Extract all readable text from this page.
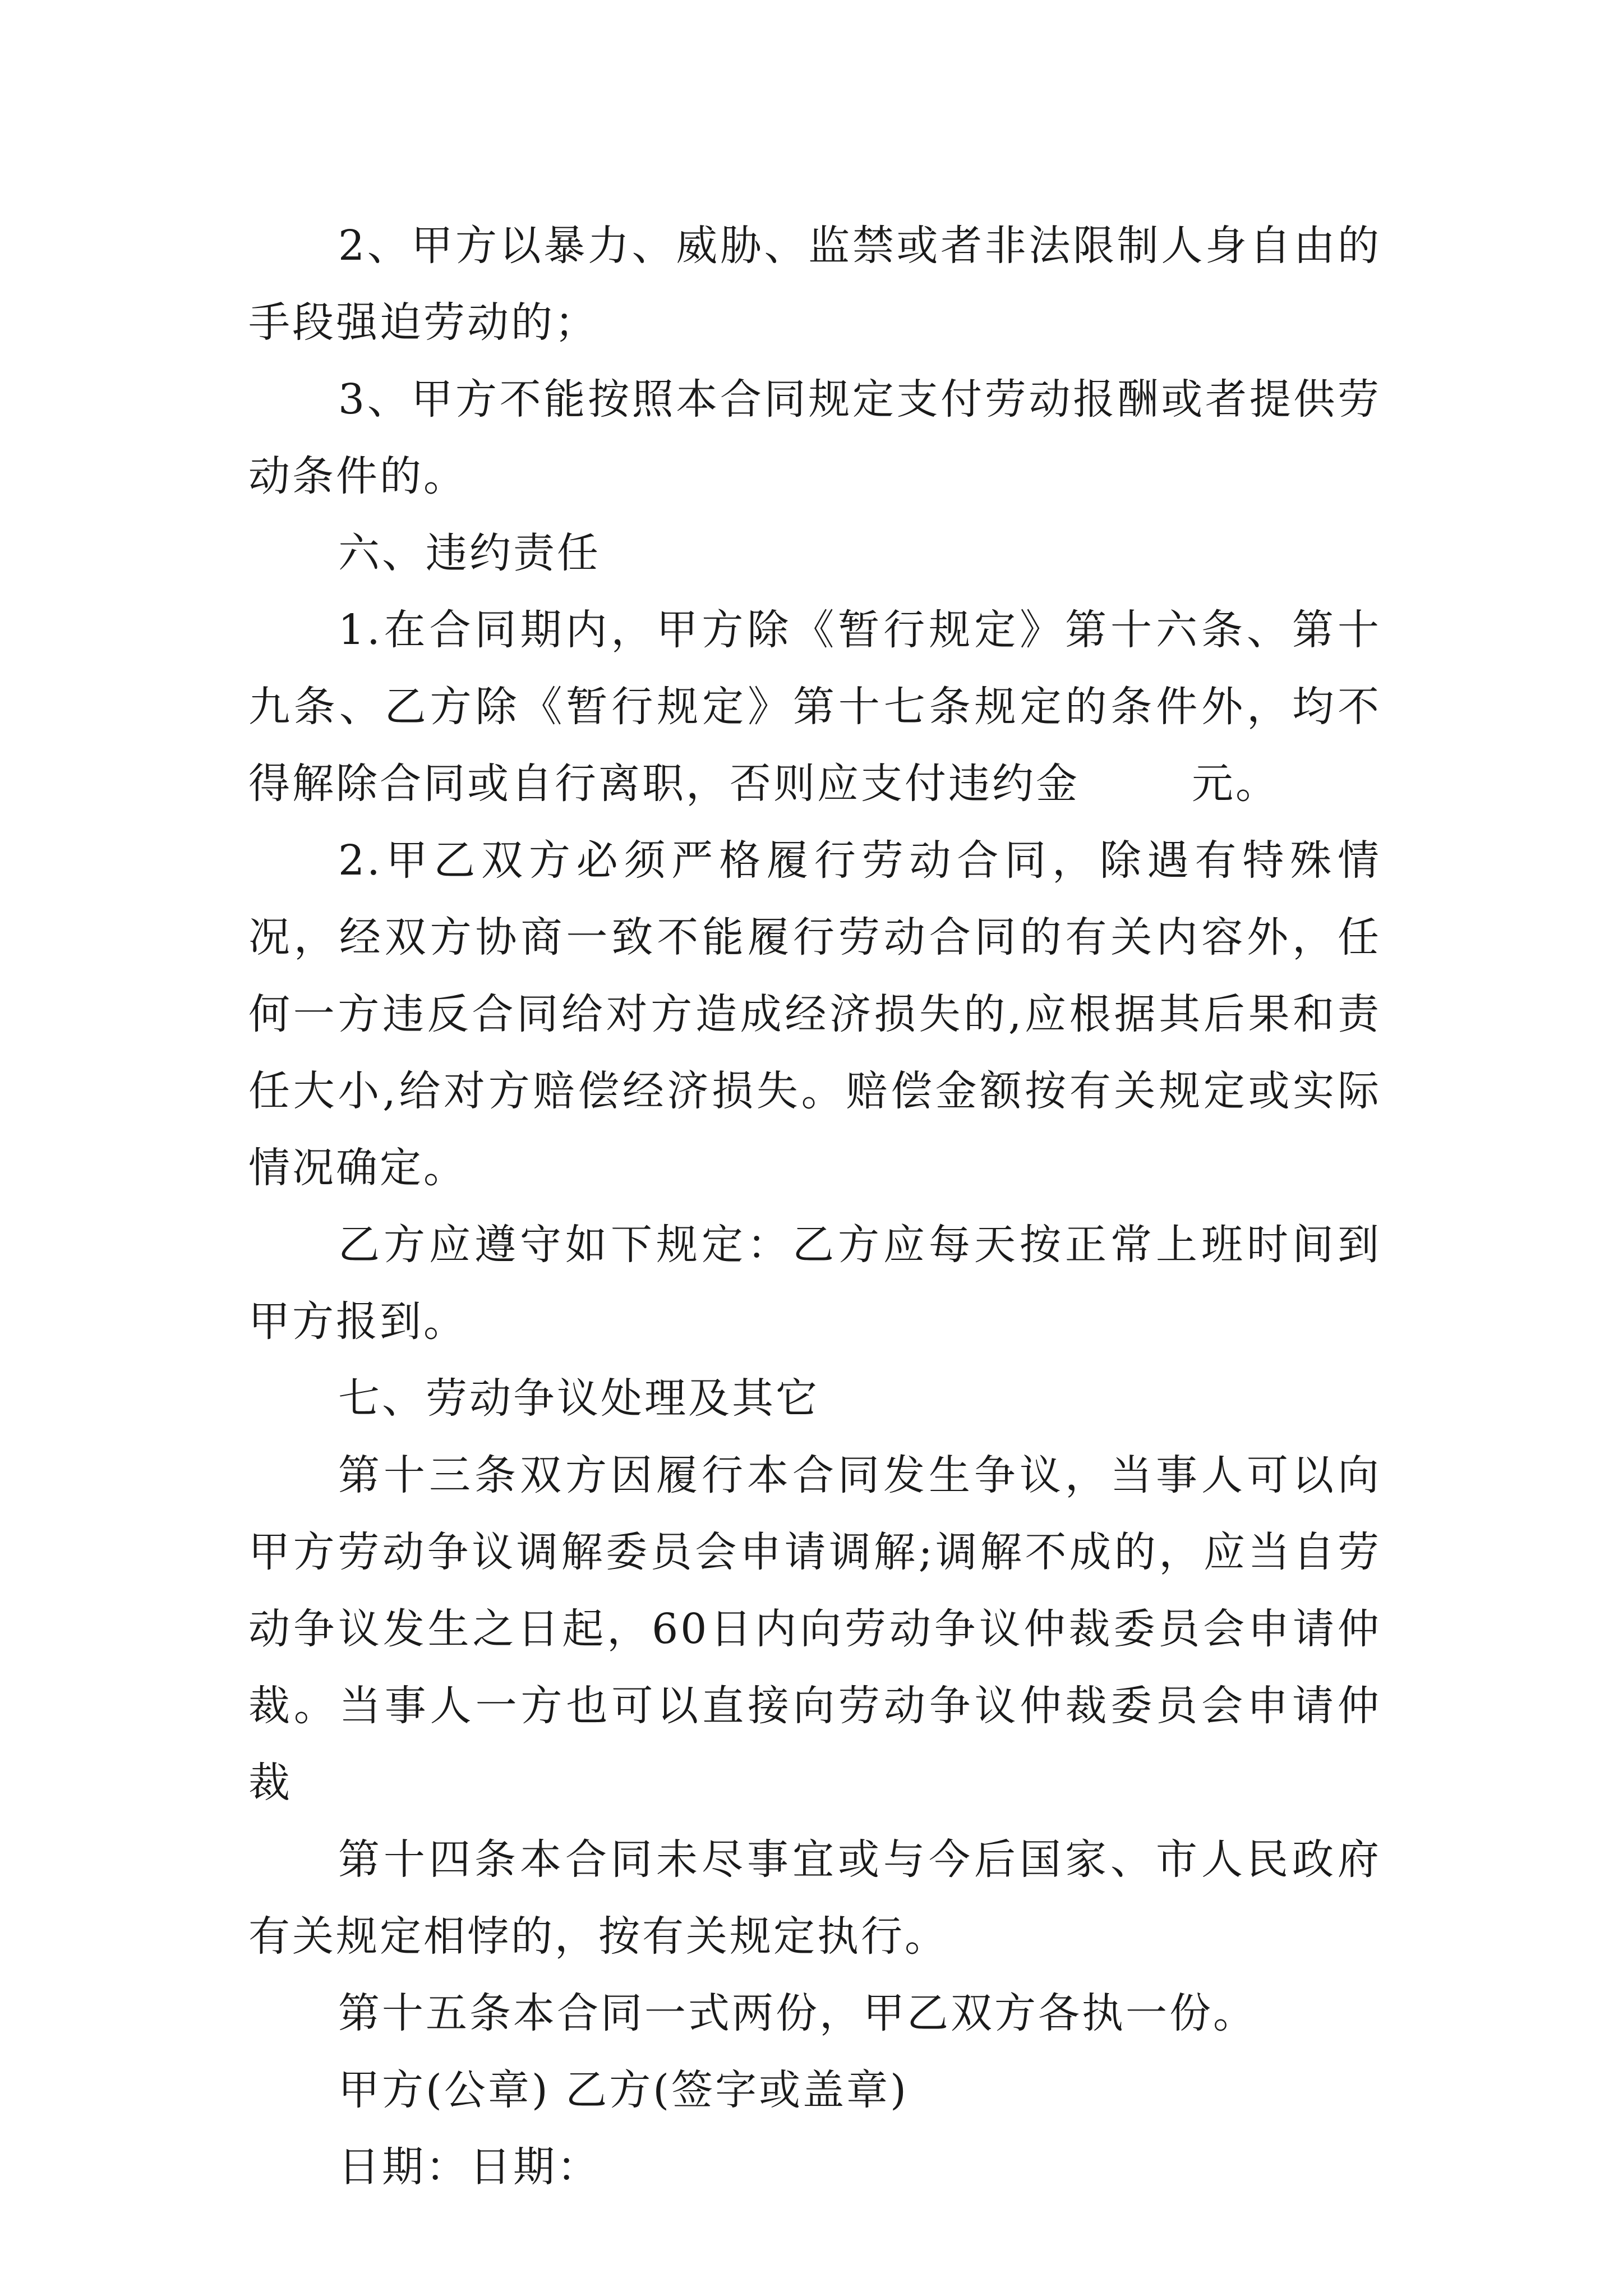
2、甲方以暴力、威胁、监禁或者非法限制人身自由的手段强迫劳动的；

3、甲方不能按照本合同规定支付劳动报酬或者提供劳动条件的。

六、违约责任

1.在合同期内，甲方除《暂行规定》第十六条、第十九条、乙方除《暂行规定》第十七条规定的条件外，均不得解除合同或自行离职，否则应支付违约金	元。

2.甲乙双方必须严格履行劳动合同，除遇有特殊情况，经双方协商一致不能履行劳动合同的有关内容外，任何一方违反合同给对方造成经济损失的,应根据其后果和责任大小,给对方赔偿经济损失。赔偿金额按有关规定或实际情况确定。

乙方应遵守如下规定：乙方应每天按正常上班时间到甲方报到。

七、劳动争议处理及其它

第十三条双方因履行本合同发生争议，当事人可以向甲方劳动争议调解委员会申请调解;调解不成的，应当自劳动争议发生之日起，60日内向劳动争议仲裁委员会申请仲裁。当事人一方也可以直接向劳动争议仲裁委员会申请仲裁

第十四条本合同未尽事宜或与今后国家、市人民政府有关规定相悖的，按有关规定执行。

第十五条本合同一式两份，甲乙双方各执一份。

甲方(公章) 乙方(签字或盖章)

日期：日期：
